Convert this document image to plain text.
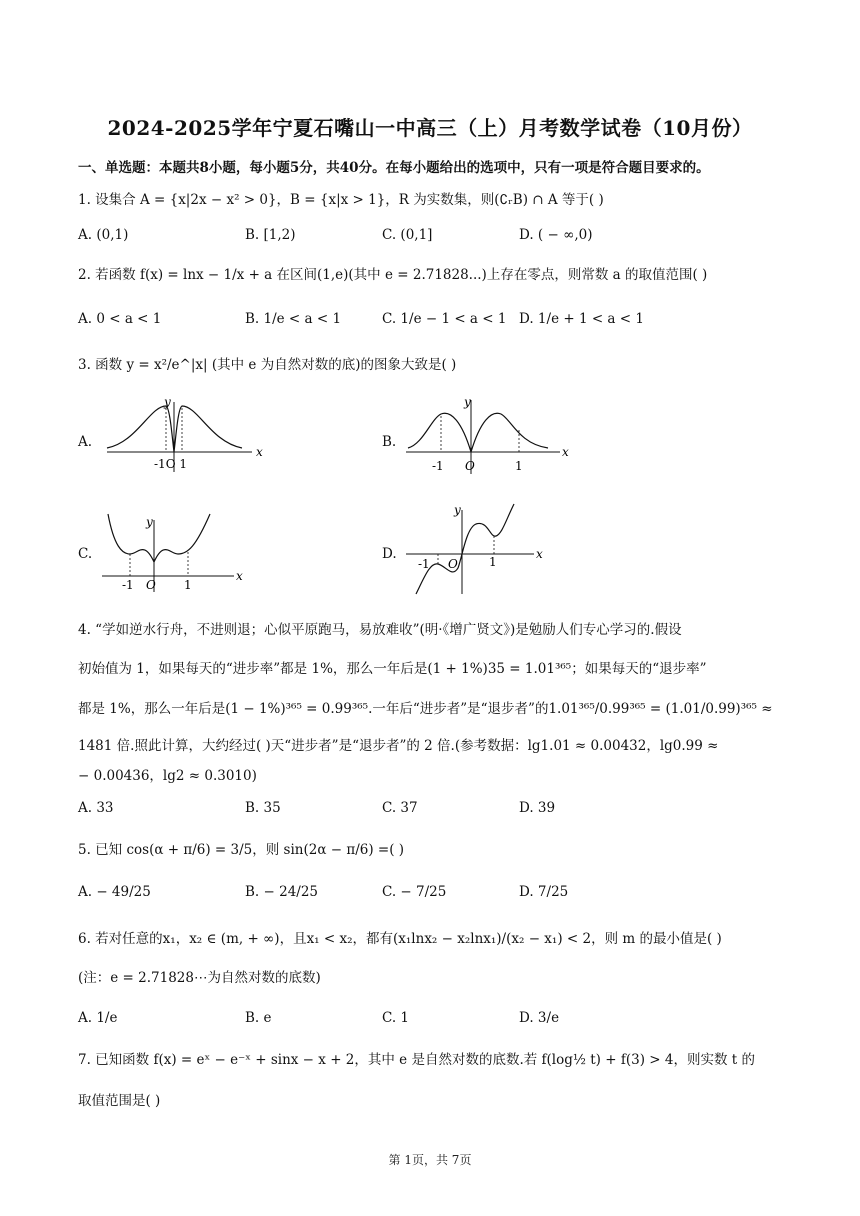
2024-2025学年宁夏石嘴山一中高三（上）月考数学试卷（10月份）
一、单选题：本题共8小题，每小题5分，共40分。在每小题给出的选项中，只有一项是符合题目要求的。
1. 设集合 A = {x|2x − x² > 0}，B = {x|x > 1}，R 为实数集，则(∁ᵣB) ∩ A 等于( )
A. (0,1)	B. [1,2)	C. (0,1]	D. ( − ∞,0)
2. 若函数 f(x) = lnx − 1/x + a 在区间(1,e)(其中 e = 2.71828...)上存在零点，则常数 a 的取值范围( )
A. 0 < a < 1	B. 1/e < a < 1	C. 1/e − 1 < a < 1 D. 1/e + 1 < a < 1
3. 函数 y = x²/e^|x| (其中 e 为自然对数的底)的图象大致是( )
A.	B.
C.	D.
y
x
-1O 1
y
x
-1 O	1
y
x
-1 O 1
y
x
-1 O	1
4. “学如逆水行舟，不进则退；心似平原跑马，易放难收”(明·《增广贤文》)是勉励人们专心学习的.假设
初始值为 1，如果每天的“进步率”都是 1%，那么一年后是(1 + 1%)35 = 1.01³⁶⁵；如果每天的“退步率”
都是 1%，那么一年后是(1 − 1%)³⁶⁵ = 0.99³⁶⁵.一年后“进步者”是“退步者”的1.01³⁶⁵/0.99³⁶⁵ = (1.01/0.99)³⁶⁵ ≈
1481 倍.照此计算，大约经过( )天“进步者”是“退步者”的 2 倍.(参考数据：lg1.01 ≈ 0.00432，lg0.99 ≈
− 0.00436，lg2 ≈ 0.3010)
A. 33	B. 35	C. 37	D. 39
5. 已知 cos(α + π/6) = 3/5，则 sin(2α − π/6) =( )
A. − 49/25	B. − 24/25	C. − 7/25	D. 7/25
6. 若对任意的x₁，x₂ ∈ (m, + ∞)，且x₁ < x₂，都有(x₁lnx₂ − x₂lnx₁)/(x₂ − x₁) < 2，则 m 的最小值是( )
(注：e = 2.71828⋯为自然对数的底数)
A. 1/e	B. e	C. 1	D. 3/e
7. 已知函数 f(x) = eˣ − e⁻ˣ + sinx − x + 2，其中 e 是自然对数的底数.若 f(log½ t) + f(3) > 4，则实数 t 的
取值范围是( )
第 1页，共 7页
